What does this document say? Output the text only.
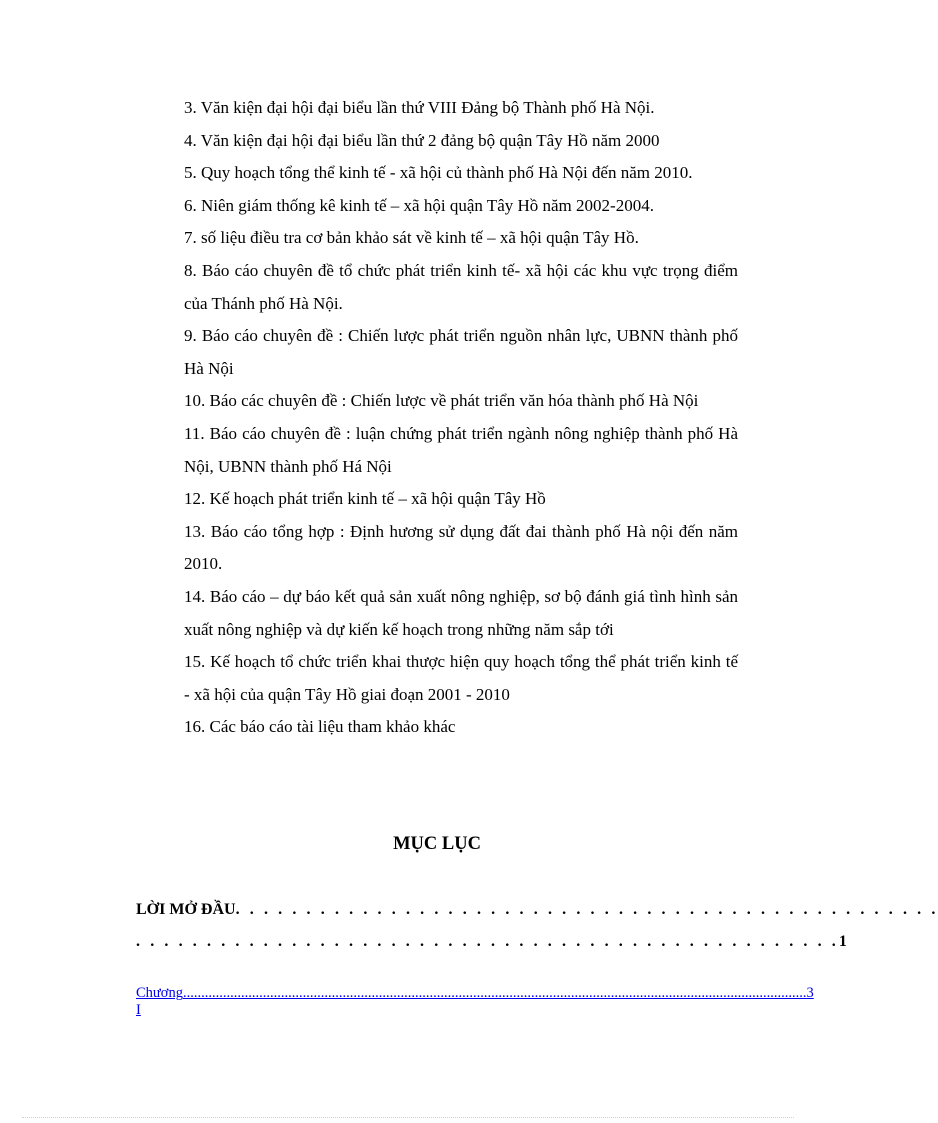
3. Văn kiện đại hội đại biểu lần thứ VIII Đảng bộ Thành phố Hà Nội.

4. Văn kiện đại hội đại biểu lần thứ 2 đảng bộ quận Tây Hồ năm 2000

5. Quy hoạch tổng thể kinh tế - xã hội củ thành phố Hà Nội đến năm 2010.

6. Niên giám thống kê kinh tế – xã hội quận Tây Hồ năm 2002-2004.

7. số liệu điều tra cơ bản khảo sát về kinh tế – xã hội quận Tây Hồ.

8. Báo cáo chuyên đề tổ chức phát triển kinh tế- xã hội các khu vực trọng điểm của Thánh phố Hà Nội.

9. Báo cáo chuyên đề : Chiến lược phát triển nguồn nhân lực, UBNN thành phố Hà Nội

10. Báo các chuyên đề : Chiến lược về phát triển văn hóa thành phố Hà Nội

11. Báo cáo chuyên đề : luận chứng phát triển ngành nông nghiệp thành phố Hà Nội, UBNN thành phố Há Nội

12. Kế hoạch phát triển kinh tế – xã hội quận Tây Hồ

13. Báo cáo tổng hợp : Định hương sử dụng đất đai thành phố Hà nội đến năm 2010.

14. Báo cáo – dự báo kết quả sản xuất nông nghiệp, sơ bộ đánh giá tình hình sản xuất nông nghiệp và dự kiến kế hoạch trong những năm sắp tới

15. Kế hoạch tổ chức triển khai thược hiện quy hoạch tổng thể phát triển kinh tế - xã hội của quận Tây Hồ giai đoạn 2001 - 2010

16. Các báo cáo tài liệu tham khảo khác

MỤC LỤC
LỜI MỞ ĐẦU. . . . . . . . . . . . . . . . . . . . . . . . . . . . . . . . . . . . . . . . . . . . . . . . . .
. . . . . . . . . . . . . . . . . . . . . . . . . . . . . . . . . . . . . . . . . . . . . . . . . .1
Chương I
............................................................................................................................................................................ 3
